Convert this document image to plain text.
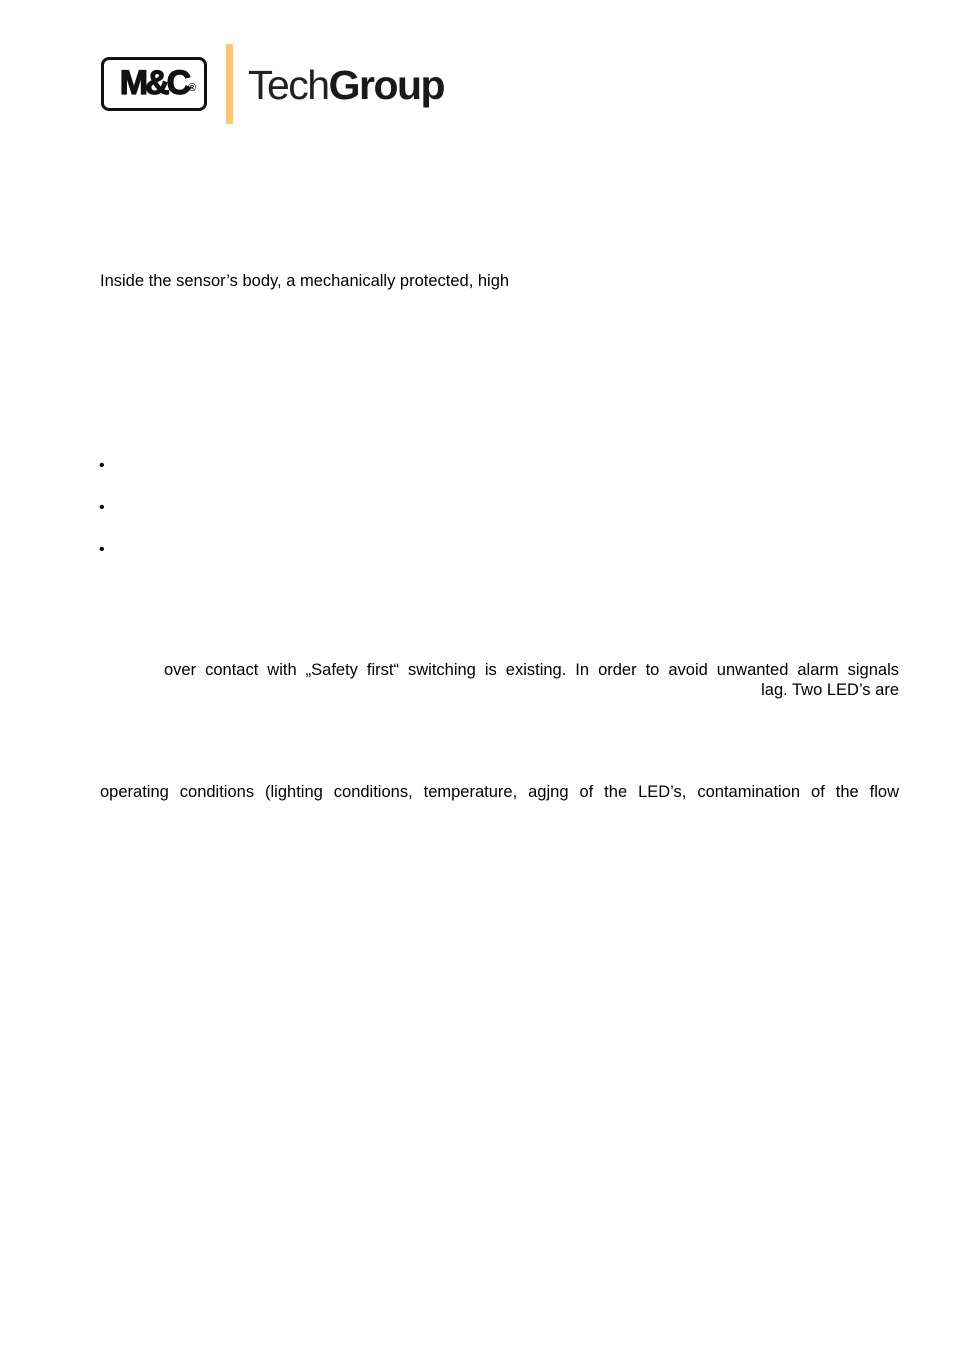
M&C ® TechGroup
Inside the sensor’s body, a mechanically protected, high
•
•
•
over contact with „Safety first“ switching is existing. In order to avoid unwanted alarm signals
lag. Two LED’s are
operating conditions (lighting conditions, temperature, agjng of the LED’s, contamination of the flow
